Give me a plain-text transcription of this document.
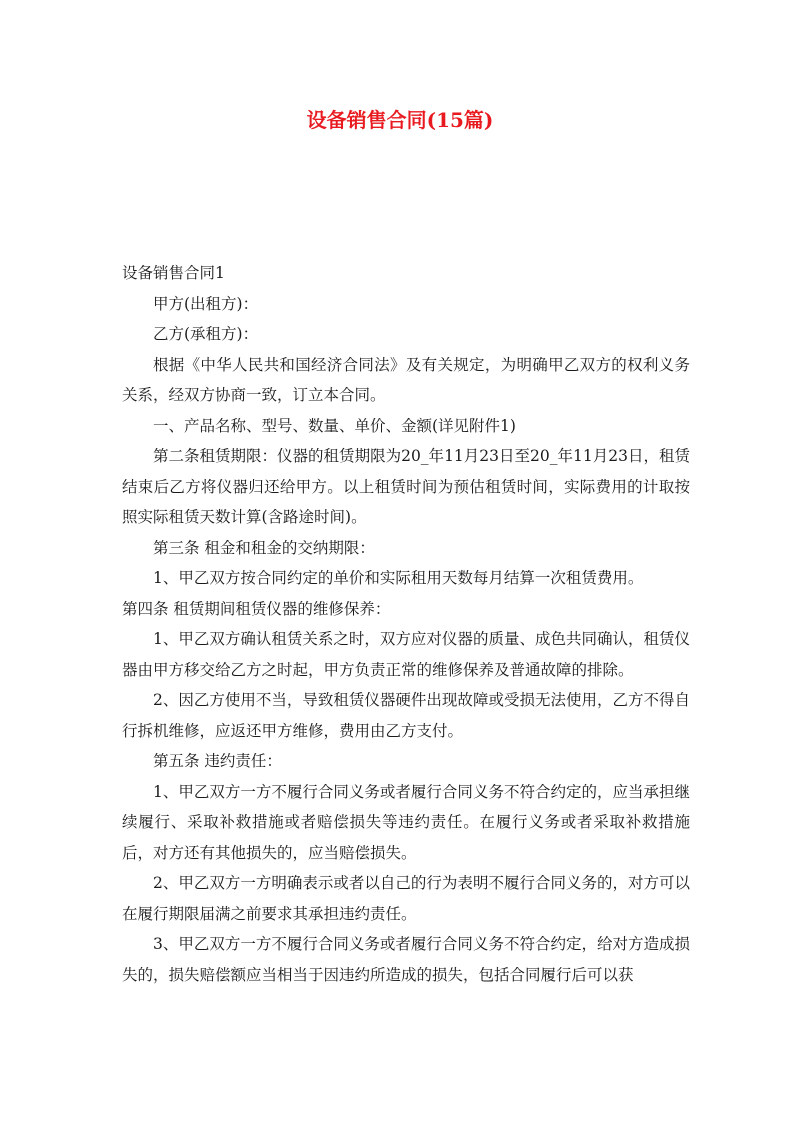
设备销售合同(15篇)

设备销售合同1

甲方(出租方)：

乙方(承租方)：

根据《中华人民共和国经济合同法》及有关规定，为明确甲乙双方的权利义务关系，经双方协商一致，订立本合同。

一、产品名称、型号、数量、单价、金额(详见附件1)

第二条租赁期限：仪器的租赁期限为20_年11月23日至20_年11月23日，租赁结束后乙方将仪器归还给甲方。以上租赁时间为预估租赁时间，实际费用的计取按照实际租赁天数计算(含路途时间)。

第三条 租金和租金的交纳期限：

1、甲乙双方按合同约定的单价和实际租用天数每月结算一次租赁费用。

第四条 租赁期间租赁仪器的维修保养：

1、甲乙双方确认租赁关系之时，双方应对仪器的质量、成色共同确认，租赁仪器由甲方移交给乙方之时起，甲方负责正常的维修保养及普通故障的排除。

2、因乙方使用不当，导致租赁仪器硬件出现故障或受损无法使用，乙方不得自行拆机维修，应返还甲方维修，费用由乙方支付。

第五条 违约责任：

1、甲乙双方一方不履行合同义务或者履行合同义务不符合约定的，应当承担继续履行、采取补救措施或者赔偿损失等违约责任。在履行义务或者采取补救措施后，对方还有其他损失的，应当赔偿损失。

2、甲乙双方一方明确表示或者以自己的行为表明不履行合同义务的，对方可以在履行期限届满之前要求其承担违约责任。

3、甲乙双方一方不履行合同义务或者履行合同义务不符合约定，给对方造成损失的，损失赔偿额应当相当于因违约所造成的损失，包括合同履行后可以获
